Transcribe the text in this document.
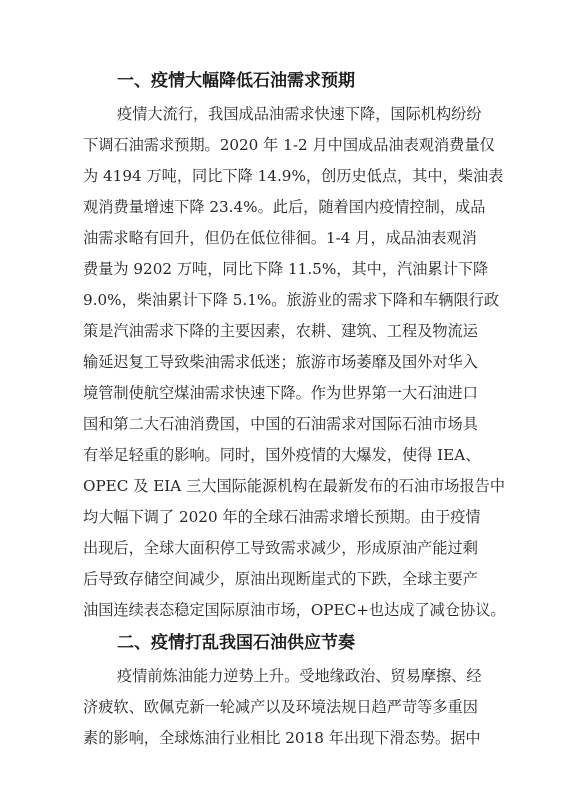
一、疫情大幅降低石油需求预期
疫情大流行，我国成品油需求快速下降，国际机构纷纷
下调石油需求预期。2020 年 1-2 月中国成品油表观消费量仅
为 4194 万吨，同比下降 14.9%，创历史低点，其中，柴油表
观消费量增速下降 23.4%。此后，随着国内疫情控制，成品
油需求略有回升，但仍在低位徘徊。1-4 月，成品油表观消
费量为 9202 万吨，同比下降 11.5%，其中，汽油累计下降
9.0%，柴油累计下降 5.1%。旅游业的需求下降和车辆限行政
策是汽油需求下降的主要因素，农耕、建筑、工程及物流运
输延迟复工导致柴油需求低迷；旅游市场萎靡及国外对华入
境管制使航空煤油需求快速下降。作为世界第一大石油进口
国和第二大石油消费国，中国的石油需求对国际石油市场具
有举足轻重的影响。同时，国外疫情的大爆发，使得 IEA、
OPEC 及 EIA 三大国际能源机构在最新发布的石油市场报告中
均大幅下调了 2020 年的全球石油需求增长预期。由于疫情
出现后，全球大面积停工导致需求减少，形成原油产能过剩
后导致存储空间减少，原油出现断崖式的下跌，全球主要产
油国连续表态稳定国际原油市场，OPEC+也达成了减仓协议。
二、疫情打乱我国石油供应节奏
疫情前炼油能力逆势上升。受地缘政治、贸易摩擦、经
济疲软、欧佩克新一轮减产以及环境法规日趋严苛等多重因
素的影响，全球炼油行业相比 2018 年出现下滑态势。据中
